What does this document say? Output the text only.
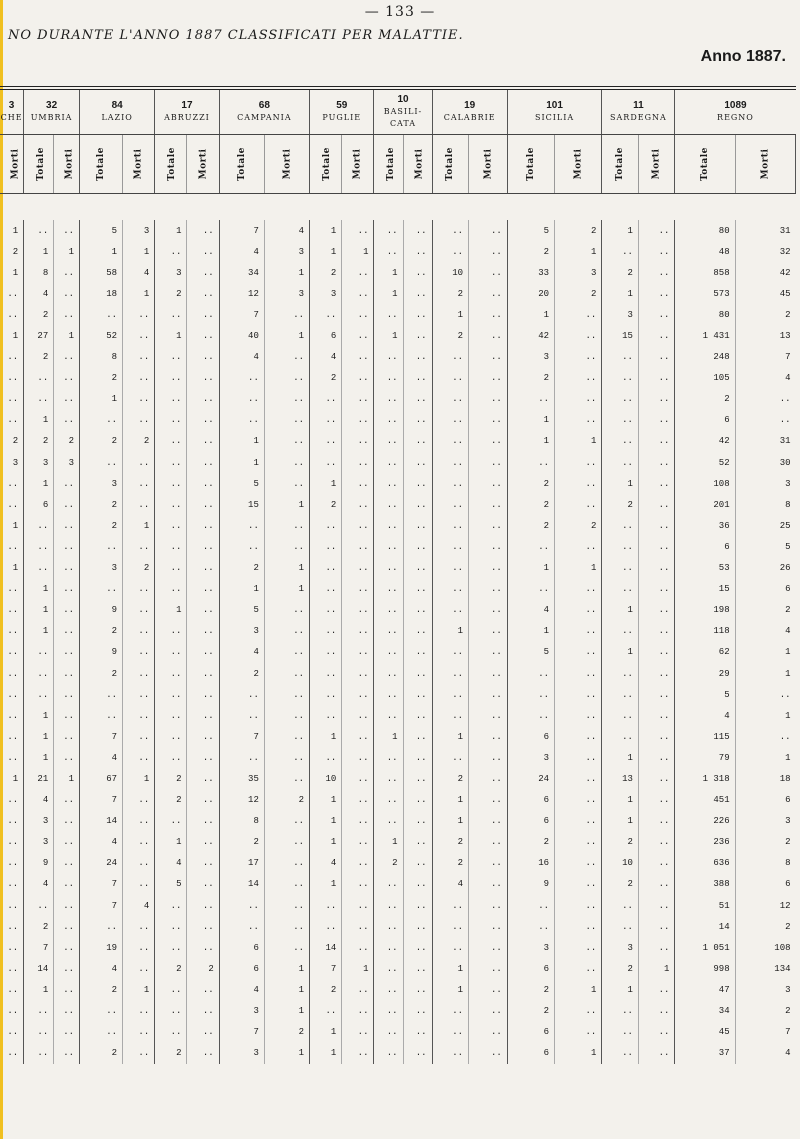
— 133 —
NO DURANTE L'ANNO 1887 CLASSIFICATI PER MALATTIE.
Anno 1887.
3
CHE	32
UMBRIA		84
LAZIO		17
ABRUZZI		68
CAMPANIA		59
PUGLIE		10
BASILI-
CATA		19
CALABRIE		101
SICILIA		11
SARDEGNA		1089
REGNO	

Morti	Totale	Morti	Totale	Morti	Totale	Morti	Totale	Morti	Totale	Morti	Totale	Morti	Totale	Morti	Totale	Morti	Totale	Morti	Totale	Morti

1	..	..	5	3	1	..	7	4	1	..	..	..	..	..	5	2	1	..	80	31
2	1	1	1	1	..	..	4	3	1	1	..	..	..	..	2	1	..	..	48	32
1	8	..	58	4	3	..	34	1	2	..	1	..	10	..	33	3	2	..	858	42
..	4	..	18	1	2	..	12	3	3	..	1	..	2	..	20	2	1	..	573	45
..	2	..	..	..	..	..	7	..	..	..	..	..	1	..	1	..	3	..	80	2
1	27	1	52	..	1	..	40	1	6	..	1	..	2	..	42	..	15	..	1 431	13
..	2	..	8	..	..	..	4	..	4	..	..	..	..	..	3	..	..	..	248	7
..	..	..	2	..	..	..	..	..	2	..	..	..	..	..	2	..	..	..	105	4
..	..	..	1	..	..	..	..	..	..	..	..	..	..	..	..	..	..	..	2	..
..	1	..	..	..	..	..	..	..	..	..	..	..	..	..	1	..	..	..	6	..
2	2	2	2	2	..	..	1	..	..	..	..	..	..	..	1	1	..	..	42	31
3	3	3	..	..	..	..	1	..	..	..	..	..	..	..	..	..	..	..	52	30
..	1	..	3	..	..	..	5	..	1	..	..	..	..	..	2	..	1	..	108	3
..	6	..	2	..	..	..	15	1	2	..	..	..	..	..	2	..	2	..	201	8
1	..	..	2	1	..	..	..	..	..	..	..	..	..	..	2	2	..	..	36	25
..	..	..	..	..	..	..	..	..	..	..	..	..	..	..	..	..	..	..	6	5
1	..	..	3	2	..	..	2	1	..	..	..	..	..	..	1	1	..	..	53	26
..	1	..	..	..	..	..	1	1	..	..	..	..	..	..	..	..	..	..	15	6
..	1	..	9	..	1	..	5	..	..	..	..	..	..	..	4	..	1	..	198	2
..	1	..	2	..	..	..	3	..	..	..	..	..	1	..	1	..	..	..	118	4
..	..	..	9	..	..	..	4	..	..	..	..	..	..	..	5	..	1	..	62	1
..	..	..	2	..	..	..	2	..	..	..	..	..	..	..	..	..	..	..	29	1
..	..	..	..	..	..	..	..	..	..	..	..	..	..	..	..	..	..	..	5	..
..	1	..	..	..	..	..	..	..	..	..	..	..	..	..	..	..	..	..	4	1
..	1	..	7	..	..	..	7	..	1	..	1	..	1	..	6	..	..	..	115	..
..	1	..	4	..	..	..	..	..	..	..	..	..	..	..	3	..	1	..	79	1
1	21	1	67	1	2	..	35	..	10	..	..	..	2	..	24	..	13	..	1 318	18
..	4	..	7	..	2	..	12	2	1	..	..	..	1	..	6	..	1	..	451	6
..	3	..	14	..	..	..	8	..	1	..	..	..	1	..	6	..	1	..	226	3
..	3	..	4	..	1	..	2	..	1	..	1	..	2	..	2	..	2	..	236	2
..	9	..	24	..	4	..	17	..	4	..	2	..	2	..	16	..	10	..	636	8
..	4	..	7	..	5	..	14	..	1	..	..	..	4	..	9	..	2	..	388	6
..	..	..	7	4	..	..	..	..	..	..	..	..	..	..	..	..	..	..	51	12
..	2	..	..	..	..	..	..	..	..	..	..	..	..	..	..	..	..	..	14	2
..	7	..	19	..	..	..	6	..	14	..	..	..	..	..	3	..	3	..	1 051	108
..	14	..	4	..	2	2	6	1	7	1	..	..	1	..	6	..	2	1	998	134
..	1	..	2	1	..	..	4	1	2	..	..	..	1	..	2	1	1	..	47	3
..	..	..	..	..	..	..	3	1	..	..	..	..	..	..	2	..	..	..	34	2
..	..	..	..	..	..	..	7	2	1	..	..	..	..	..	6	..	..	..	45	7
..	..	..	2	..	2	..	3	1	1	..	..	..	..	..	6	1	..	..	37	4
